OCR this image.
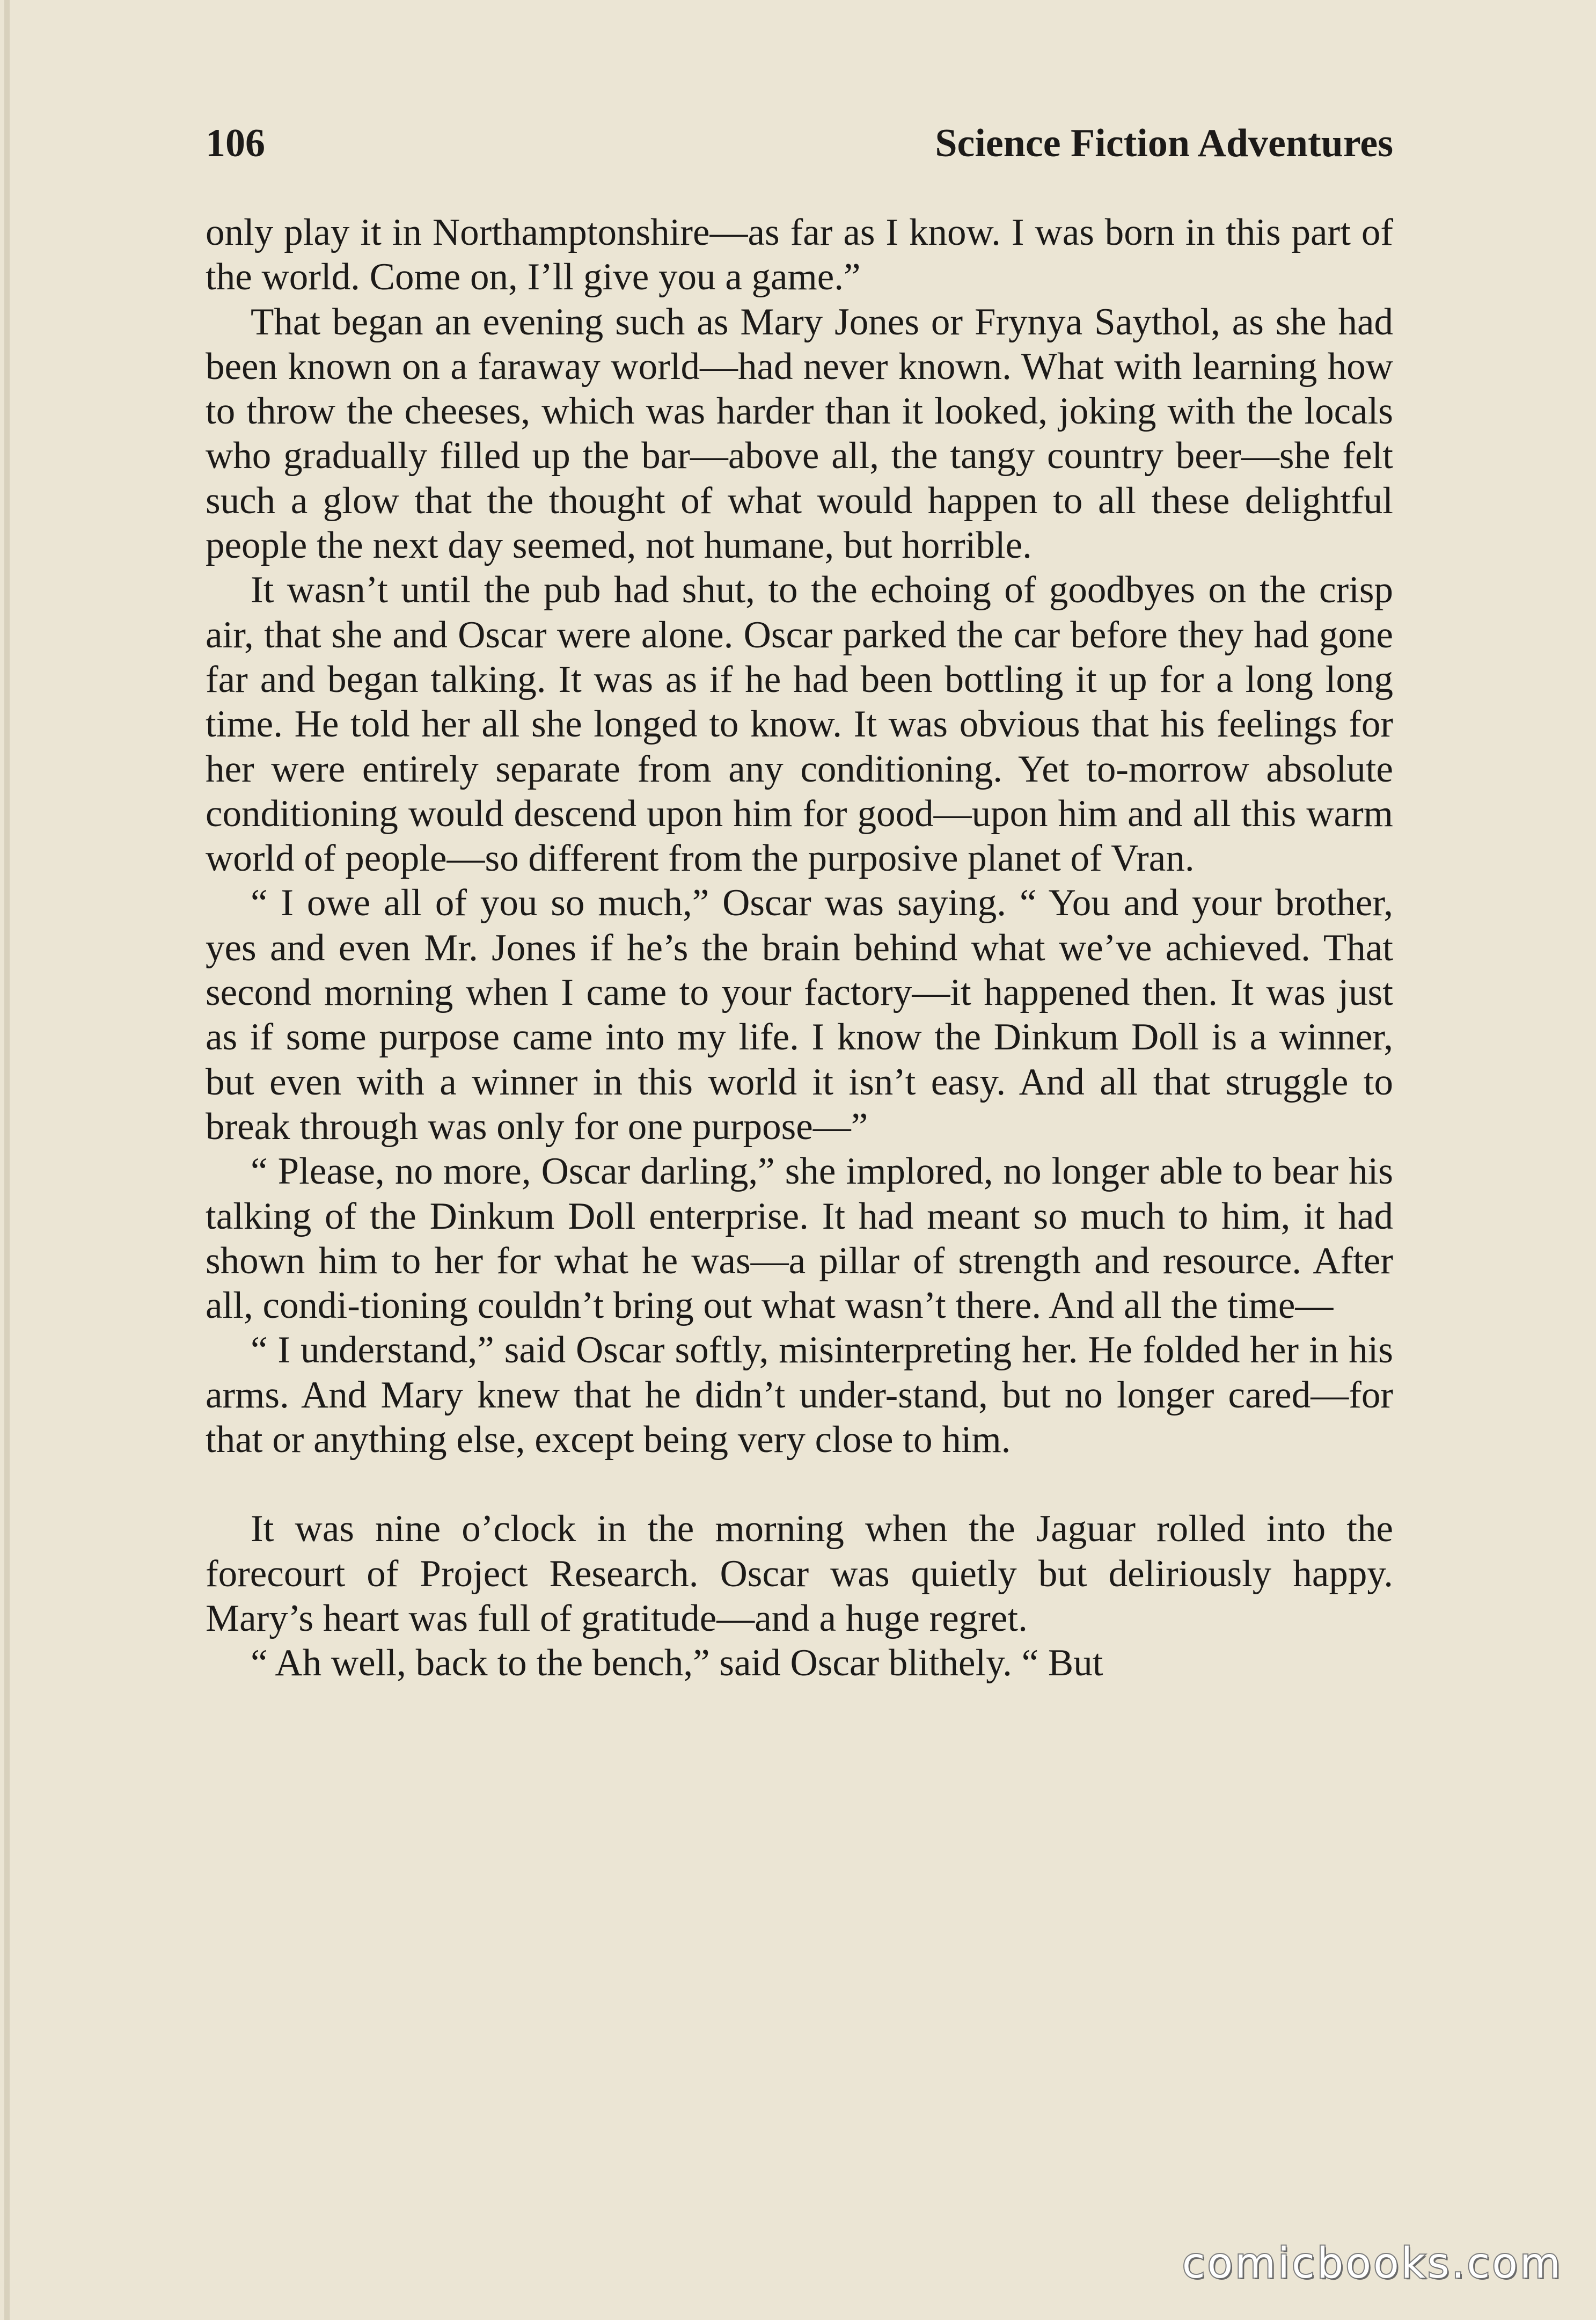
106	Science Fiction Adventures

only play it in Northamptonshire—as far as I know. I was born in this part of the world. Come on, I’ll give you a game.”

That began an evening such as Mary Jones or Frynya Saythol, as she had been known on a faraway world—had never known. What with learning how to throw the cheeses, which was harder than it looked, joking with the locals who gradually filled up the bar—above all, the tangy country beer—she felt such a glow that the thought of what would happen to all these delightful people the next day seemed, not humane, but horrible.

It wasn’t until the pub had shut, to the echoing of goodbyes on the crisp air, that she and Oscar were alone. Oscar parked the car before they had gone far and began talking. It was as if he had been bottling it up for a long long time. He told her all she longed to know. It was obvious that his feelings for her were entirely separate from any conditioning. Yet to-morrow absolute conditioning would descend upon him for good—upon him and all this warm world of people—so different from the purposive planet of Vran.

“ I owe all of you so much,” Oscar was saying. “ You and your brother, yes and even Mr. Jones if he’s the brain behind what we’ve achieved. That second morning when I came to your factory—it happened then. It was just as if some purpose came into my life. I know the Dinkum Doll is a winner, but even with a winner in this world it isn’t easy. And all that struggle to break through was only for one purpose—”

“ Please, no more, Oscar darling,” she implored, no longer able to bear his talking of the Dinkum Doll enterprise. It had meant so much to him, it had shown him to her for what he was—a pillar of strength and resource. After all, condi-tioning couldn’t bring out what wasn’t there. And all the time—

“ I understand,” said Oscar softly, misinterpreting her. He folded her in his arms. And Mary knew that he didn’t under-stand, but no longer cared—for that or anything else, except being very close to him.

It was nine o’clock in the morning when the Jaguar rolled into the forecourt of Project Research. Oscar was quietly but deliriously happy. Mary’s heart was full of gratitude—and a huge regret.

“ Ah well, back to the bench,” said Oscar blithely. “ But

comicbooks.com
